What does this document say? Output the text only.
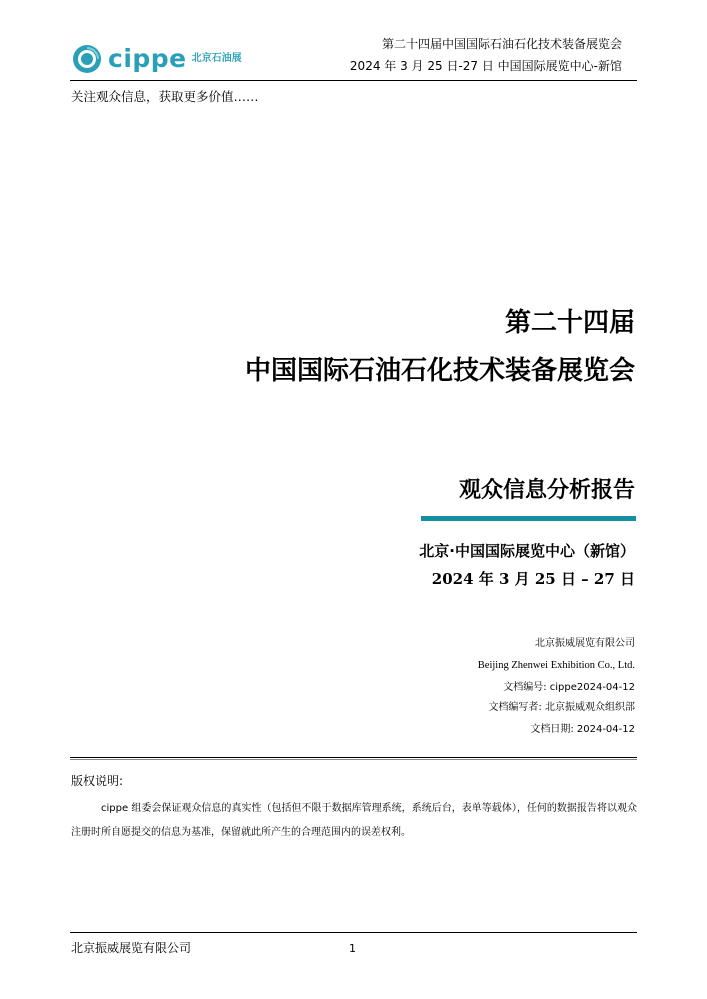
cippe 北京石油展
第二十四届中国国际石油石化技术装备展览会
2024 年 3 月 25 日-27 日 中国国际展览中心-新馆
关注观众信息，获取更多价值……
第二十四届
中国国际石油石化技术装备展览会
观众信息分析报告
北京·中国国际展览中心（新馆）
2024 年 3 月 25 日 – 27 日
北京振威展览有限公司
Beijing Zhenwei Exhibition Co., Ltd.
文档编号: cippe2024-04-12
文档编写者: 北京振威观众组织部
文档日期: 2024-04-12
版权说明:
cippe 组委会保证观众信息的真实性（包括但不限于数据库管理系统，系统后台，表单等载体），任何的数据报告将以观众注册时所自愿提交的信息为基准，保留就此所产生的合理范围内的误差权利。
北京振威展览有限公司	1
